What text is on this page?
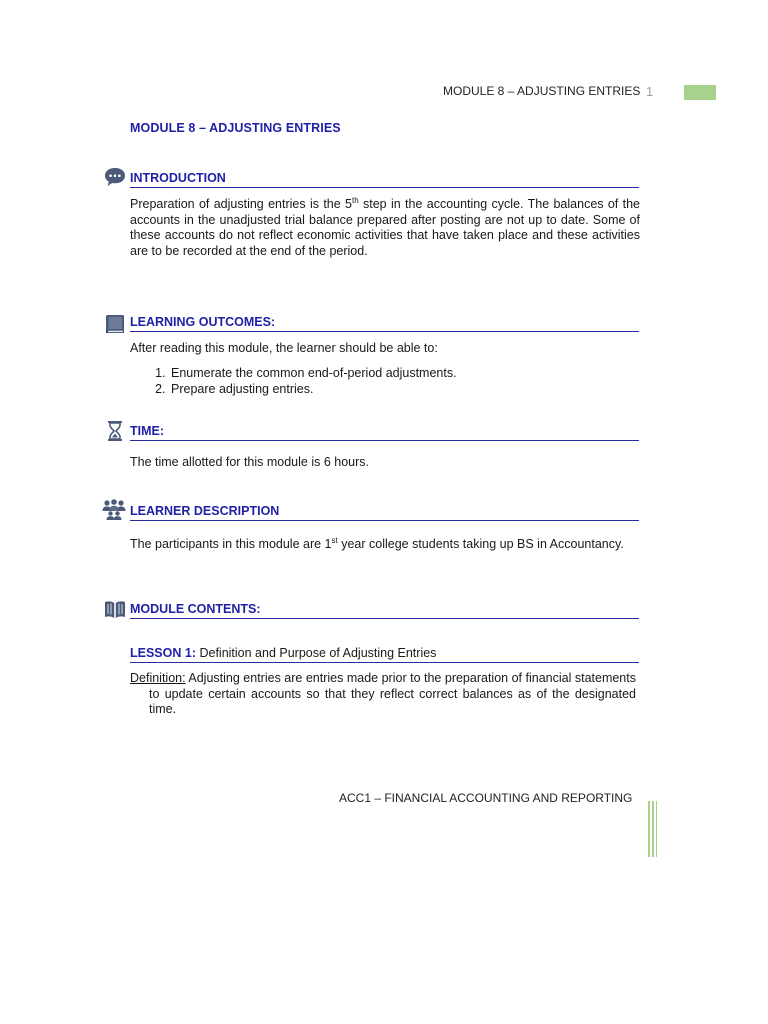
MODULE 8 – ADJUSTING ENTRIES 1
MODULE 8 – ADJUSTING ENTRIES
INTRODUCTION
Preparation of adjusting entries is the 5th step in the accounting cycle. The balances of the accounts in the unadjusted trial balance prepared after posting are not up to date. Some of these accounts do not reflect economic activities that have taken place and these activities are to be recorded at the end of the period.
LEARNING OUTCOMES:
After reading this module, the learner should be able to:
1. Enumerate the common end-of-period adjustments.
2. Prepare adjusting entries.
TIME:
The time allotted for this module is 6 hours.
LEARNER DESCRIPTION
The participants in this module are 1st year college students taking up BS in Accountancy.
MODULE CONTENTS:
LESSON 1: Definition and Purpose of Adjusting Entries
Definition: Adjusting entries are entries made prior to the preparation of financial statements to update certain accounts so that they reflect correct balances as of the designated time.
ACC1 – FINANCIAL ACCOUNTING AND REPORTING
